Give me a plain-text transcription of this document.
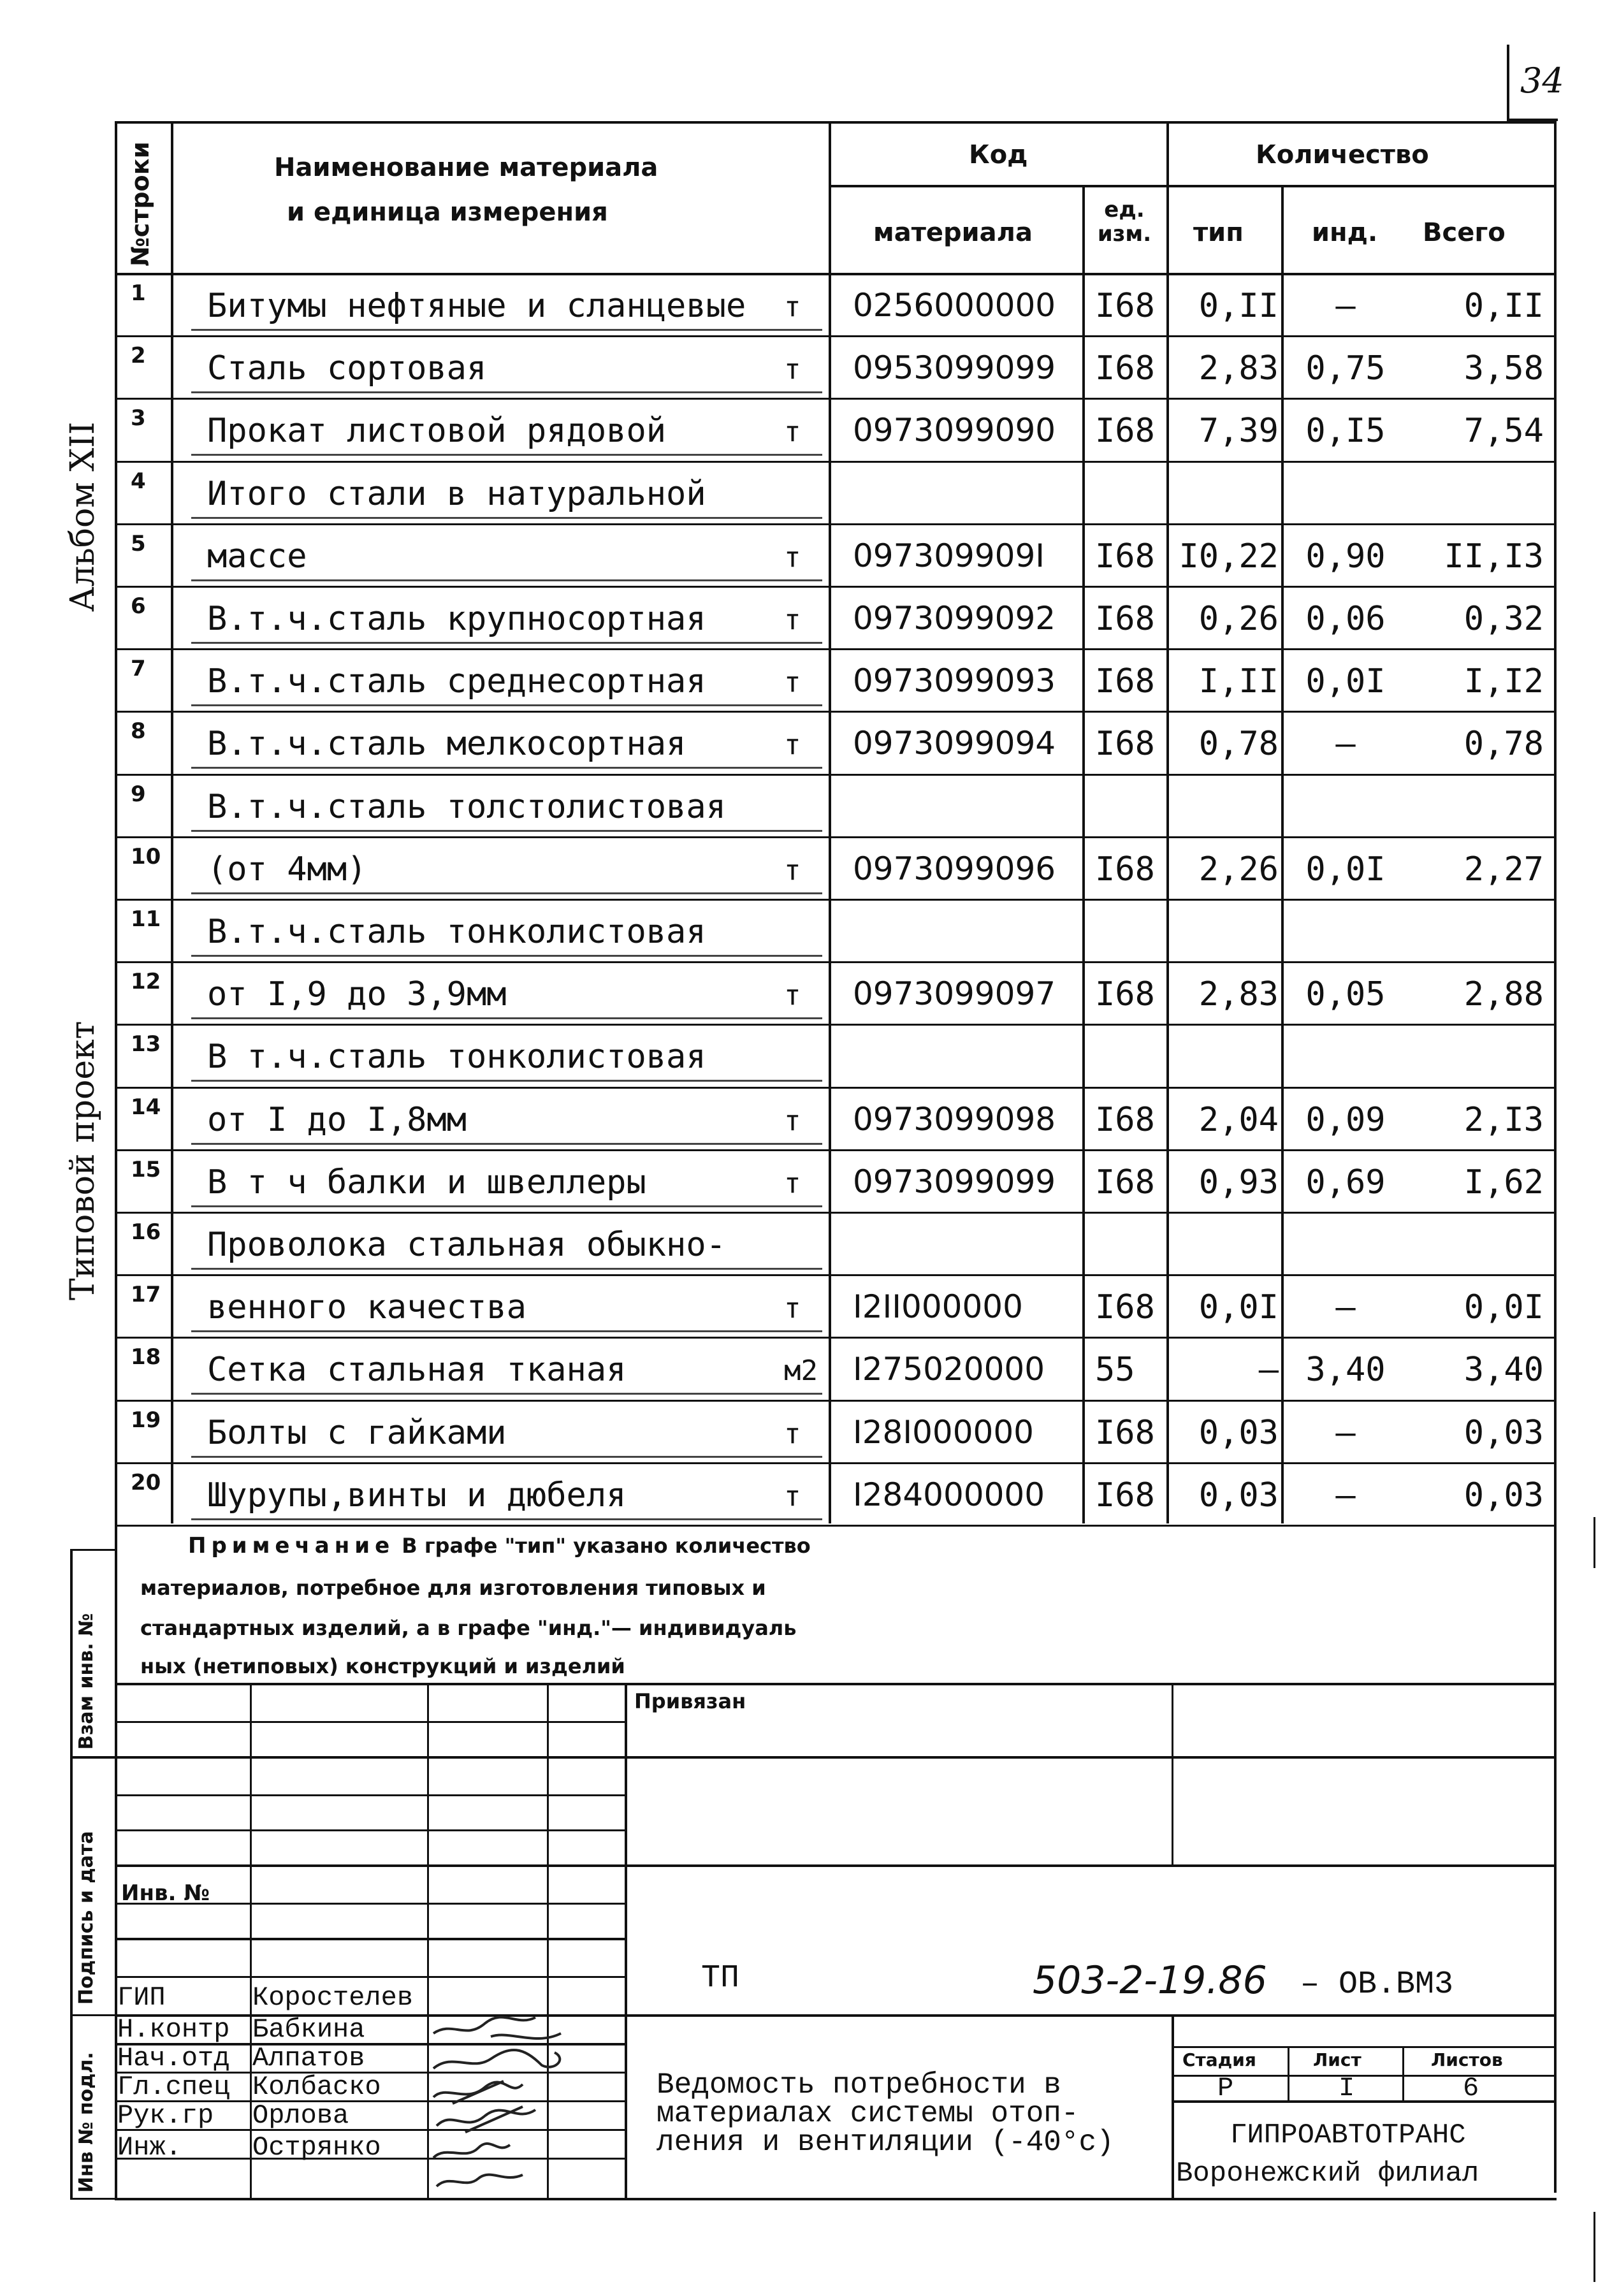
34
№строки	Наименование материала
и единица измерения
Код	Количество
материала
ед. изм.	тип	инд. Всего
1 Битумы нефтяные и сланцевые т 0256000000 I68	0,II	–	0,II
2 Сталь сортовая	т 0953099099 I68	2,83 0,75	3,58
3 Прокат листовой рядовой	т 0973099090 I68	7,39 0,I5	7,54
4 Итого стали в натуральной
5 массе	т 097309909I I68 I0,22 0,90	II,I3
6 В.т.ч.сталь крупносортная	т 0973099092 I68	0,26 0,06	0,32
7 В.т.ч.сталь среднесортная	т 0973099093 I68	I,II 0,0I	I,I2
8 В.т.ч.сталь мелкосортная	т 0973099094 I68	0,78	–	0,78
9 В.т.ч.сталь толстолистовая
10 (от 4мм)	т 0973099096 I68	2,26 0,0I	2,27
11 В.т.ч.сталь тонколистовая
12 от I,9 до 3,9мм	т 0973099097 I68	2,83 0,05	2,88
13 В т.ч.сталь тонколистовая
14 от I до I,8мм	т 0973099098 I68	2,04 0,09	2,I3
15 В т ч балки и швеллеры	т 0973099099 I68	0,93 0,69	I,62
16 Проволока стальная обыкно-
17 венного качества	т I2II000000 I68	0,0I	–	0,0I
18 Сетка стальная тканая	м2 I275020000 55	– 3,40	3,40
19 Болты с гайками	т I28I000000 I68	0,03	–	0,03
20 Шурупы,винты и дюбеля	т I284000000 I68	0,03	–	0,03
Альбом XII
Типовой проект
Взам инв. №
Подпись и дата
Инв № подл.
Примечание В графе "тип" указано количество
материалов, потребное для изготовления типовых и
стандартных изделий, а в графе "инд."— индивидуаль
ных (нетиповых) конструкций и изделий
Привязан
Инв. №
ТП	503-2-19.86 – ОВ.ВМ3
ГИП	Коростелев
Н.контр Бабкина
Нач.отд Алпатов
Гл.спец Колбаско
Рук.гр Орлова
Инж.	Острянко
Ведомость потребности в
материалах системы отоп-
ления и вентиляции (-40°с)
Стадия	Лист	Листов
Р	I	6
ГИПРОАВТОТРАНС
Воронежский филиал
